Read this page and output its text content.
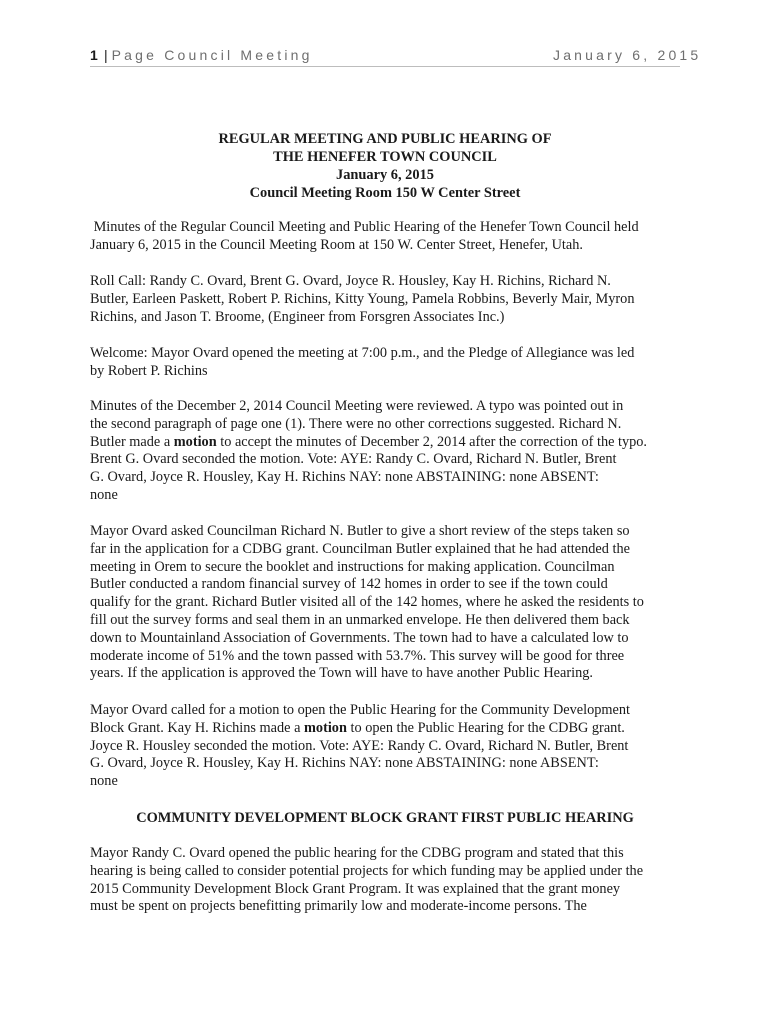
1 | Page Council Meeting	January 6, 2015
REGULAR MEETING AND PUBLIC HEARING OF
THE HENEFER TOWN COUNCIL
January 6, 2015
Council Meeting Room 150 W Center Street
Minutes of the Regular Council Meeting and Public Hearing of the Henefer Town Council held
January 6, 2015 in the Council Meeting Room at 150 W. Center Street, Henefer, Utah.
Roll Call: Randy C. Ovard, Brent G. Ovard, Joyce R. Housley, Kay H. Richins, Richard N.
Butler, Earleen Paskett, Robert P. Richins, Kitty Young, Pamela Robbins, Beverly Mair, Myron
Richins, and Jason T. Broome, (Engineer from Forsgren Associates Inc.)
Welcome: Mayor Ovard opened the meeting at 7:00 p.m., and the Pledge of Allegiance was led
by Robert P. Richins
Minutes of the December 2, 2014 Council Meeting were reviewed. A typo was pointed out in
the second paragraph of page one (1). There were no other corrections suggested. Richard N.
Butler made a motion to accept the minutes of December 2, 2014 after the correction of the typo.
Brent G. Ovard seconded the motion. Vote: AYE: Randy C. Ovard, Richard N. Butler, Brent
G. Ovard, Joyce R. Housley, Kay H. Richins NAY: none ABSTAINING: none ABSENT:
none
Mayor Ovard asked Councilman Richard N. Butler to give a short review of the steps taken so
far in the application for a CDBG grant. Councilman Butler explained that he had attended the
meeting in Orem to secure the booklet and instructions for making application. Councilman
Butler conducted a random financial survey of 142 homes in order to see if the town could
qualify for the grant. Richard Butler visited all of the 142 homes, where he asked the residents to
fill out the survey forms and seal them in an unmarked envelope. He then delivered them back
down to Mountainland Association of Governments. The town had to have a calculated low to
moderate income of 51% and the town passed with 53.7%. This survey will be good for three
years. If the application is approved the Town will have to have another Public Hearing.
Mayor Ovard called for a motion to open the Public Hearing for the Community Development
Block Grant. Kay H. Richins made a motion to open the Public Hearing for the CDBG grant.
Joyce R. Housley seconded the motion. Vote: AYE: Randy C. Ovard, Richard N. Butler, Brent
G. Ovard, Joyce R. Housley, Kay H. Richins NAY: none ABSTAINING: none ABSENT:
none
COMMUNITY DEVELOPMENT BLOCK GRANT FIRST PUBLIC HEARING
Mayor Randy C. Ovard opened the public hearing for the CDBG program and stated that this
hearing is being called to consider potential projects for which funding may be applied under the
2015 Community Development Block Grant Program. It was explained that the grant money
must be spent on projects benefitting primarily low and moderate-income persons. The
